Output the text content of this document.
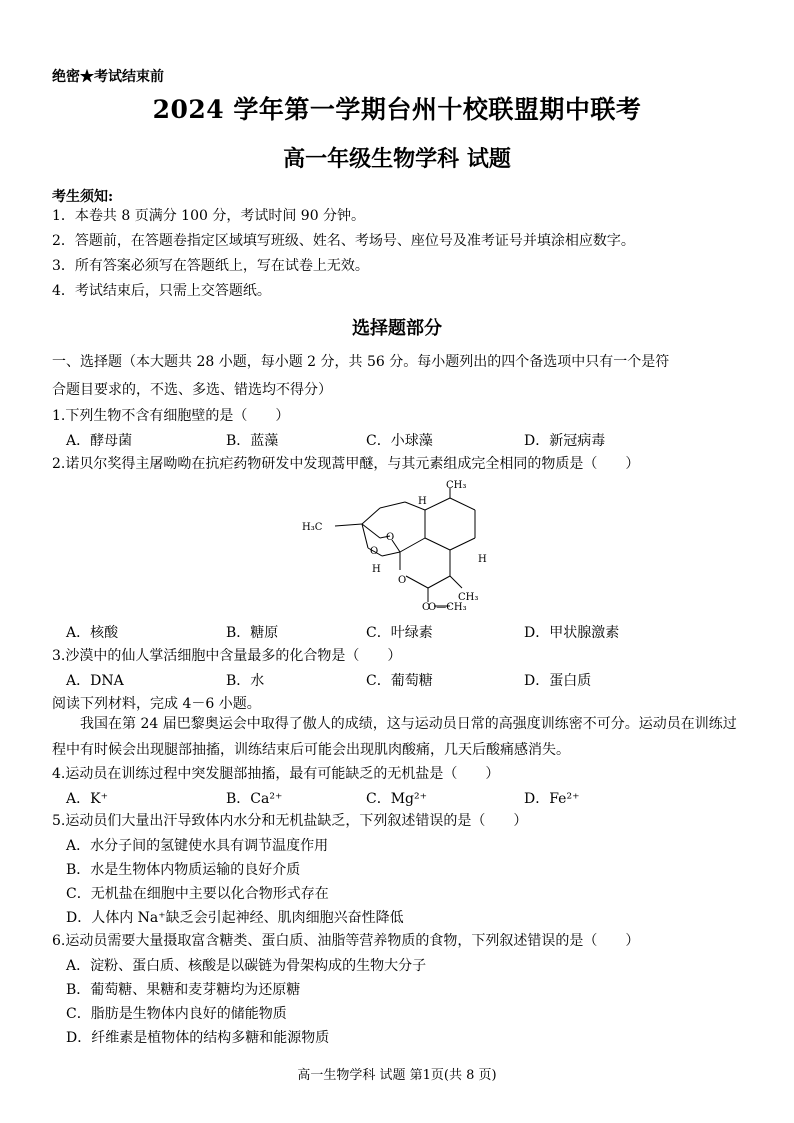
绝密★考试结束前
2024 学年第一学期台州十校联盟期中联考
高一年级生物学科 试题
考生须知:
1．本卷共 8 页满分 100 分，考试时间 90 分钟。
2．答题前，在答题卷指定区域填写班级、姓名、考场号、座位号及准考证号并填涂相应数字。
3．所有答案必须写在答题纸上，写在试卷上无效。
4．考试结束后，只需上交答题纸。
选择题部分
一、选择题（本大题共 28 小题，每小题 2 分，共 56 分。每小题列出的四个备选项中只有一个是符
合题目要求的，不选、多选、错选均不得分）
1.下列生物不含有细胞壁的是（　　）
A．酵母菌	B．蓝藻	C．小球藻	D．新冠病毒
2.诺贝尔奖得主屠呦呦在抗疟药物研发中发现蒿甲醚，与其元素组成完全相同的物质是（　　）
CH₃
H
H₃C
O
O
O
O
H
H
CH₃
O—CH₃
A．核酸	B．糖原	C．叶绿素	D．甲状腺激素
3.沙漠中的仙人掌活细胞中含量最多的化合物是（　　）
A．DNA	B．水	C．葡萄糖	D．蛋白质
阅读下列材料，完成 4－6 小题。
我国在第 24 届巴黎奥运会中取得了傲人的成绩，这与运动员日常的高强度训练密不可分。运动员在训练过程中有时候会出现腿部抽搐，训练结束后可能会出现肌肉酸痛，几天后酸痛感消失。
4.运动员在训练过程中突发腿部抽搐，最有可能缺乏的无机盐是（　　）
A．K⁺	B．Ca²⁺	C．Mg²⁺	D．Fe²⁺
5.运动员们大量出汗导致体内水分和无机盐缺乏，下列叙述错误的是（　　）
A．水分子间的氢键使水具有调节温度作用
B．水是生物体内物质运输的良好介质
C．无机盐在细胞中主要以化合物形式存在
D．人体内 Na⁺缺乏会引起神经、肌肉细胞兴奋性降低
6.运动员需要大量摄取富含糖类、蛋白质、油脂等营养物质的食物，下列叙述错误的是（　　）
A．淀粉、蛋白质、核酸是以碳链为骨架构成的生物大分子
B．葡萄糖、果糖和麦芽糖均为还原糖
C．脂肪是生物体内良好的储能物质
D．纤维素是植物体的结构多糖和能源物质
高一生物学科 试题 第1页(共 8 页)
